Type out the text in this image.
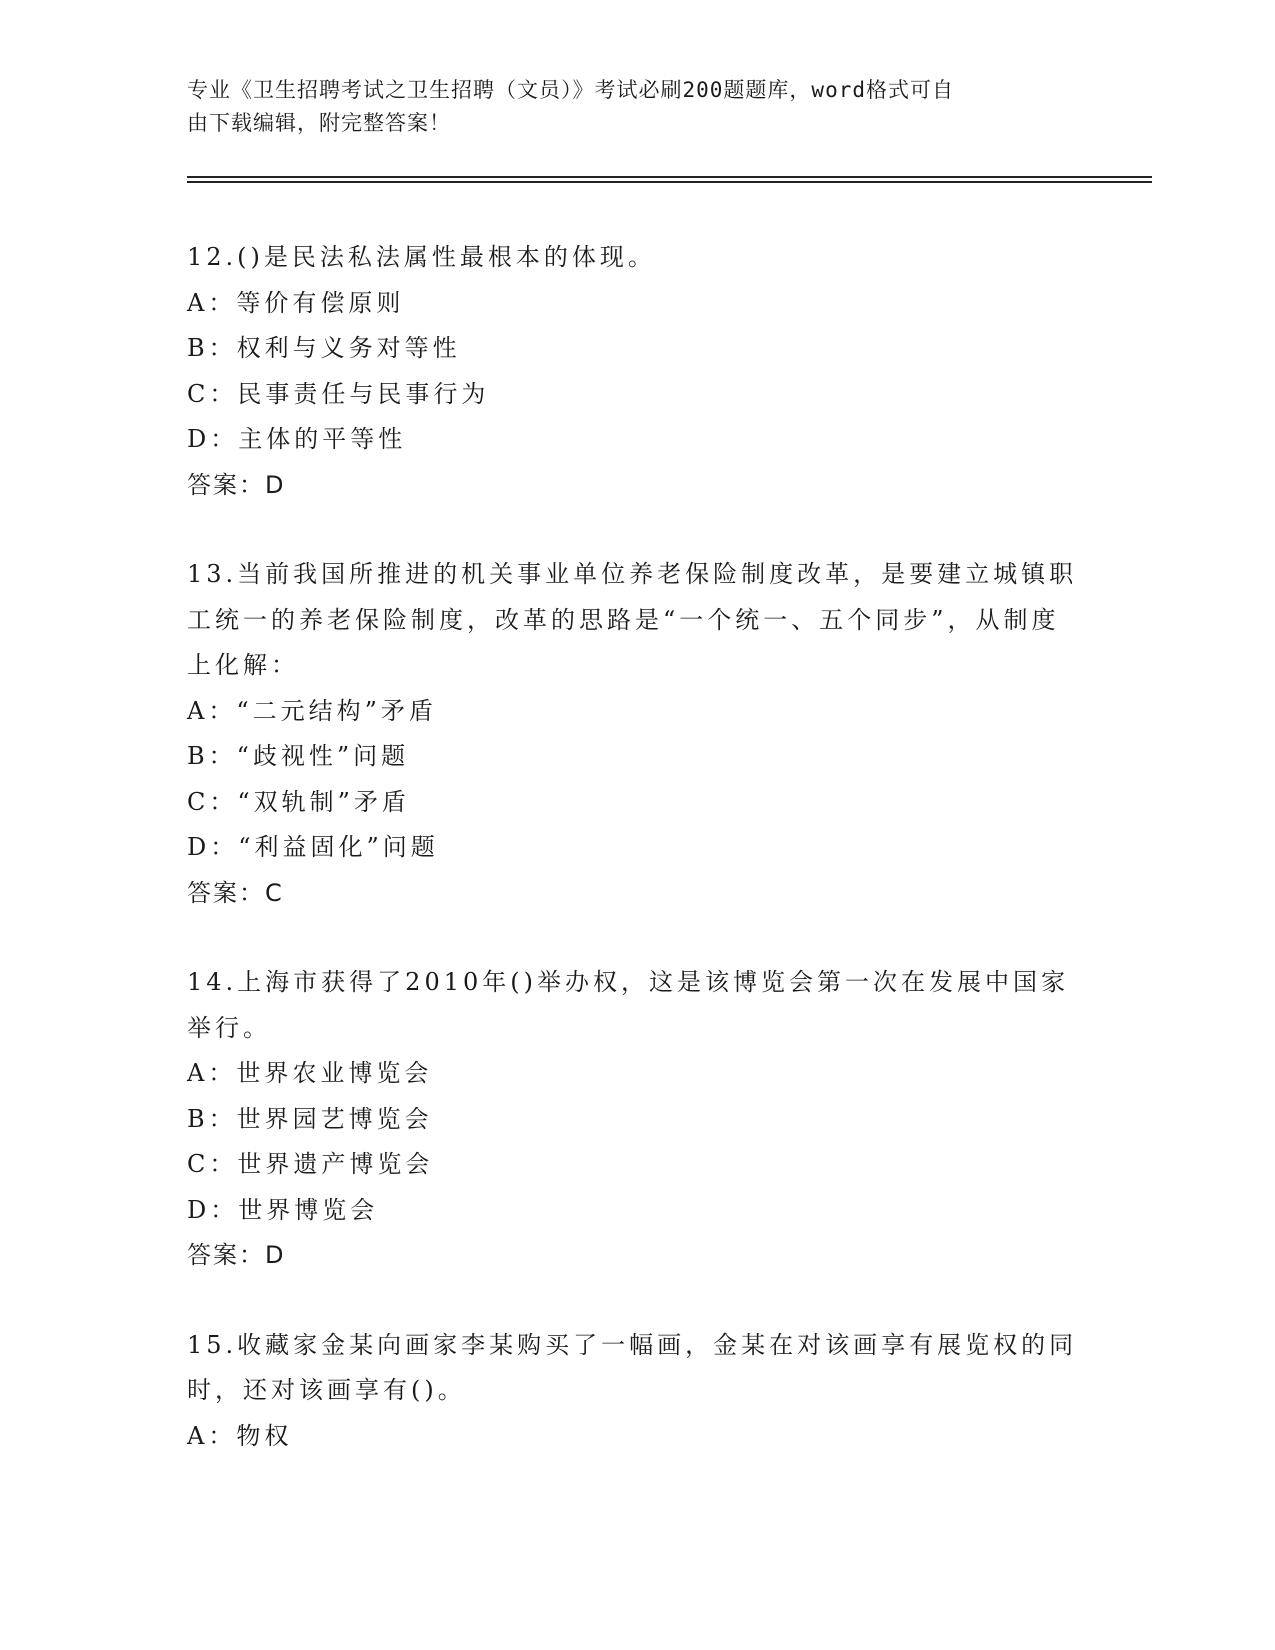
专业《卫生招聘考试之卫生招聘（文员）》考试必刷200题题库，word格式可自
由下载编辑，附完整答案！
12.()是民法私法属性最根本的体现。
A：等价有偿原则
B：权利与义务对等性
C：民事责任与民事行为
D：主体的平等性
答案：D
13.当前我国所推进的机关事业单位养老保险制度改革，是要建立城镇职工统一的养老保险制度，改革的思路是“一个统一、五个同步”，从制度上化解：
A：“二元结构”矛盾
B：“歧视性”问题
C：“双轨制”矛盾
D：“利益固化”问题
答案：C
14.上海市获得了2010年()举办权，这是该博览会第一次在发展中国家举行。
A：世界农业博览会
B：世界园艺博览会
C：世界遗产博览会
D：世界博览会
答案：D
15.收藏家金某向画家李某购买了一幅画，金某在对该画享有展览权的同时，还对该画享有()。
A：物权
